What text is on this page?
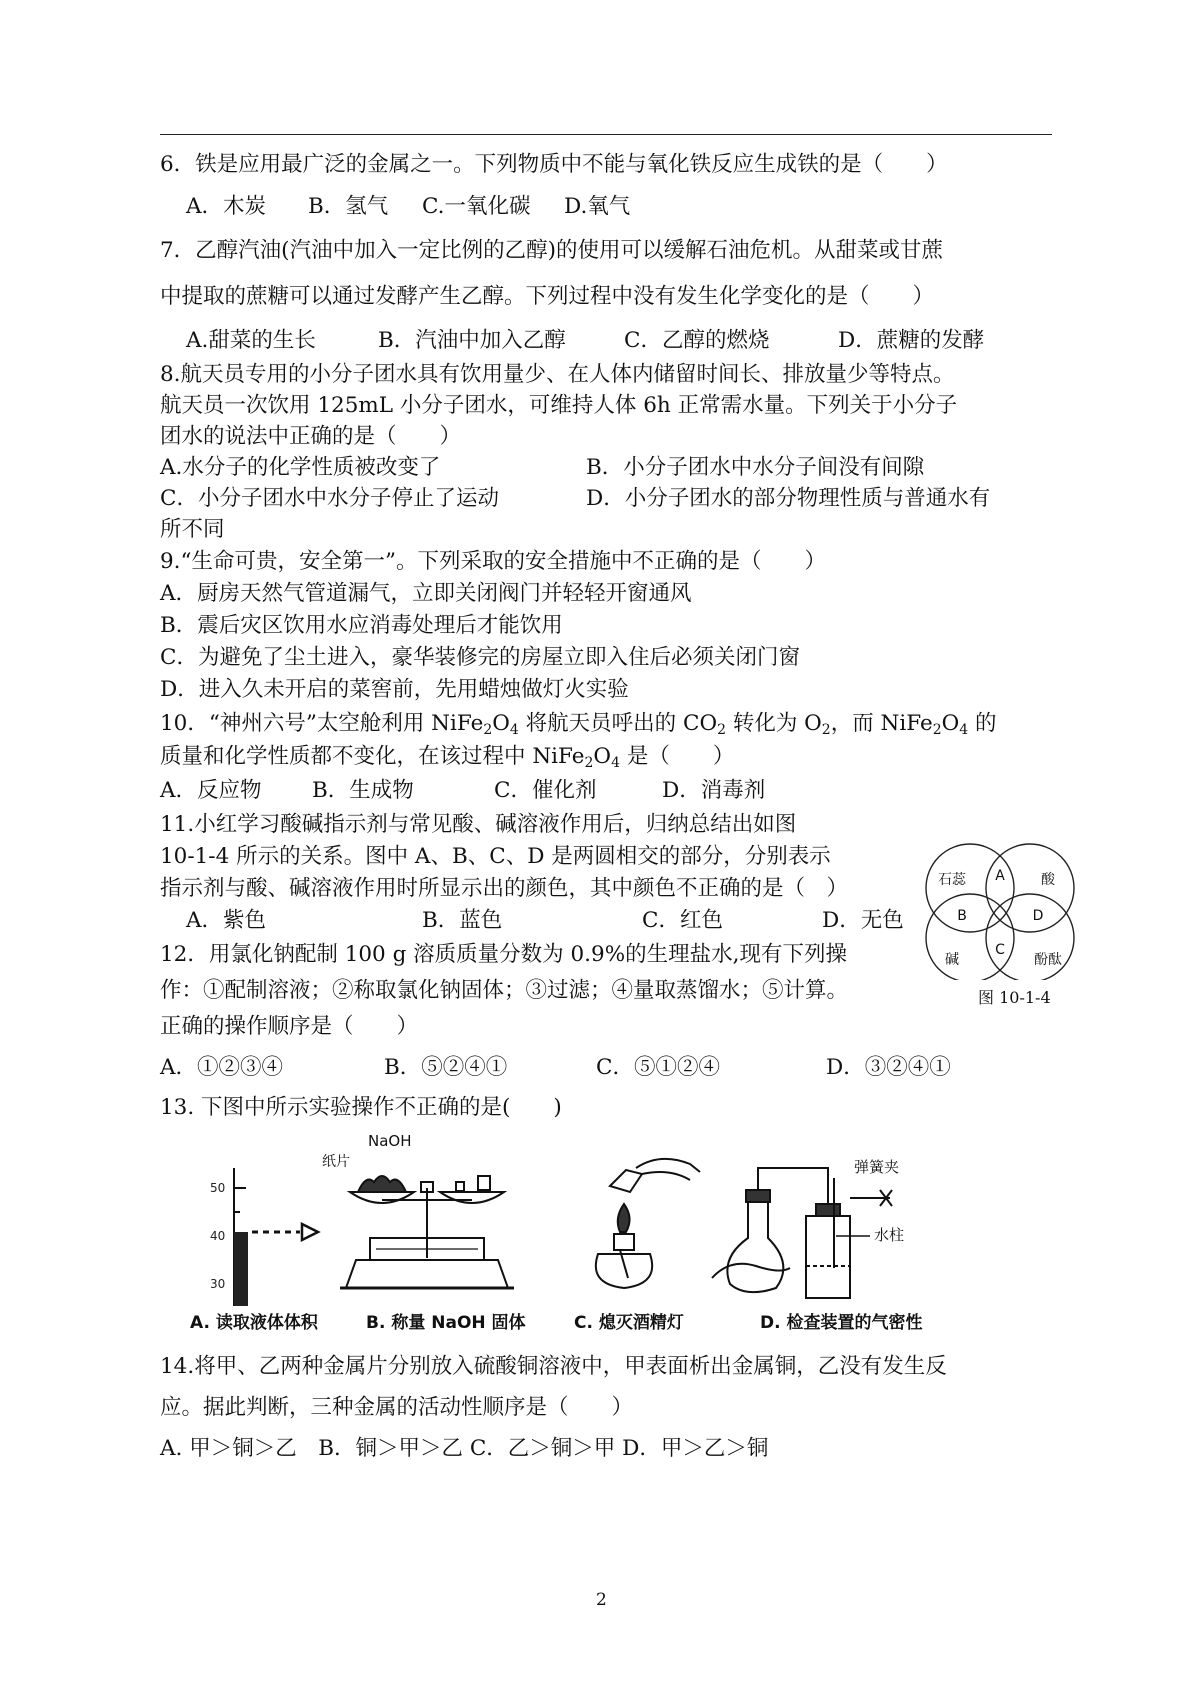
6．铁是应用最广泛的金属之一。下列物质中不能与氧化铁反应生成铁的是（　　）
A．木炭 B．氢气 C.一氧化碳 D.氧气
7．乙醇汽油(汽油中加入一定比例的乙醇)的使用可以缓解石油危机。从甜菜或甘蔗
中提取的蔗糖可以通过发酵产生乙醇。下列过程中没有发生化学变化的是（　　）
A.甜菜的生长	B．汽油中加入乙醇	C．乙醇的燃烧	D．蔗糖的发酵
8.航天员专用的小分子团水具有饮用量少、在人体内储留时间长、排放量少等特点。
航天员一次饮用 125mL 小分子团水，可维持人体 6h 正常需水量。下列关于小分子
团水的说法中正确的是（　　）
A.水分子的化学性质被改变了	B．小分子团水中水分子间没有间隙
C．小分子团水中水分子停止了运动	D．小分子团水的部分物理性质与普通水有
所不同
9.“生命可贵，安全第一”。下列采取的安全措施中不正确的是（　　）
A．厨房天然气管道漏气，立即关闭阀门并轻轻开窗通风
B．震后灾区饮用水应消毒处理后才能饮用
C．为避免了尘土进入，豪华装修完的房屋立即入住后必须关闭门窗
D．进入久未开启的菜窖前，先用蜡烛做灯火实验
10．“神州六号”太空舱利用 $NiFe_2O_4$ 将航天员呼出的 $CO_2$ 转化为 $O_2$，而 $NiFe_2O_4$ 的
质量和化学性质都不变化，在该过程中 $NiFe_2O_4$ 是（　　）
A．反应物 B．生成物	C．催化剂	D．消毒剂
11.小红学习酸碱指示剂与常见酸、碱溶液作用后，归纳总结出如图
10-1-4 所示的关系。图中 A、B、C、D 是两圆相交的部分，分别表示
指示剂与酸、碱溶液作用时所显示出的颜色，其中颜色不正确的是（　）
A．紫色	B．蓝色	C．红色	D．无色
石蕊	酸
碱	酚酞
A
B
C
D
图 10-1-4
12．用氯化钠配制 100 g 溶质质量分数为 0.9%的生理盐水,现有下列操
作：①配制溶液；②称取氯化钠固体；③过滤；④量取蒸馏水；⑤计算。
正确的操作顺序是（　　）
A．①②③④	B．⑤②④①	C．⑤①②④	D．③②④①
13. 下图中所示实验操作不正确的是(　　)
50
40
30
NaOH
纸片	弹簧夹
水柱
A. 读取液体体积	B. 称量 NaOH 固体	C. 熄灭酒精灯	D. 检查装置的气密性
14.将甲、乙两种金属片分别放入硫酸铜溶液中，甲表面析出金属铜，乙没有发生反
应。据此判断，三种金属的活动性顺序是（　　）
A. 甲＞铜＞乙　B．铜＞甲＞乙 C．乙＞铜＞甲 D．甲＞乙＞铜
2
